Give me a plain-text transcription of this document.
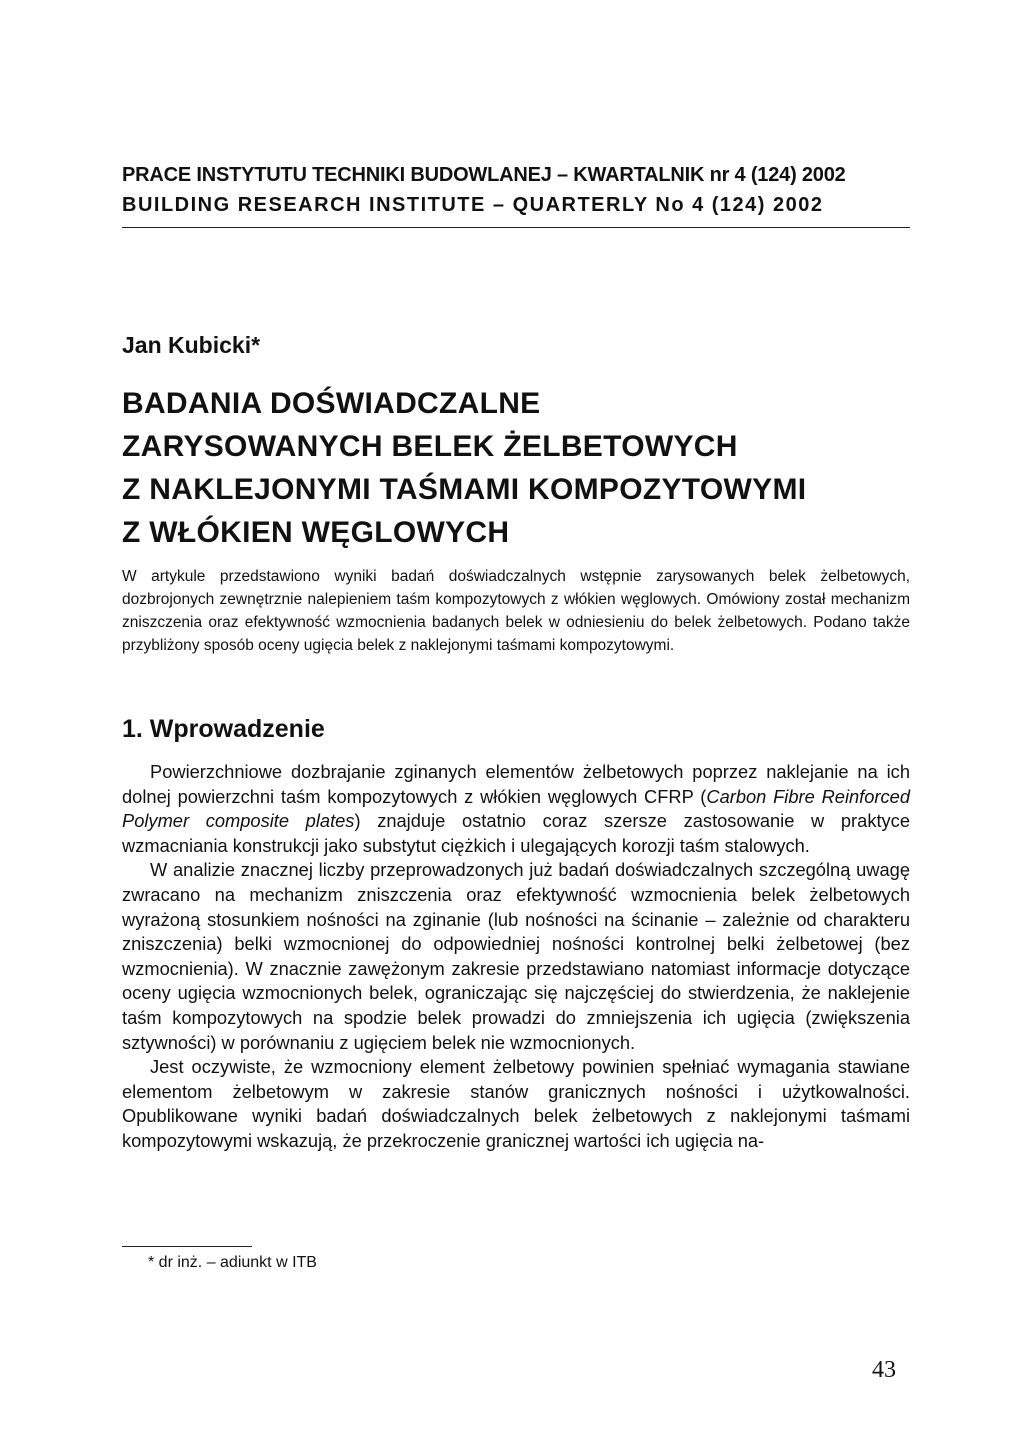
PRACE INSTYTUTU TECHNIKI BUDOWLANEJ – KWARTALNIK nr 4 (124) 2002
BUILDING RESEARCH INSTITUTE – QUARTERLY No 4 (124) 2002
Jan Kubicki*
BADANIA DOŚWIADCZALNE
ZARYSOWANYCH BELEK ŻELBETOWYCH
Z NAKLEJONYMI TAŚMAMI KOMPOZYTOWYMI
Z WŁÓKIEN WĘGLOWYCH

W artykule przedstawiono wyniki badań doświadczalnych wstępnie zarysowanych belek żelbetowych, dozbrojonych zewnętrznie nalepieniem taśm kompozytowych z włókien węglowych. Omówiony został mechanizm zniszczenia oraz efektywność wzmocnienia badanych belek w odniesieniu do belek żelbetowych. Podano także przybliżony sposób oceny ugięcia belek z naklejonymi taśmami kompozytowymi.

1. Wprowadzenie

Powierzchniowe dozbrajanie zginanych elementów żelbetowych poprzez naklejanie na ich dolnej powierzchni taśm kompozytowych z włókien węglowych CFRP (Carbon Fibre Reinforced Polymer composite plates) znajduje ostatnio coraz szersze zastosowanie w praktyce wzmacniania konstrukcji jako substytut ciężkich i ulegających korozji taśm stalowych.

W analizie znacznej liczby przeprowadzonych już badań doświadczalnych szczególną uwagę zwracano na mechanizm zniszczenia oraz efektywność wzmocnienia belek żelbetowych wyrażoną stosunkiem nośności na zginanie (lub nośności na ścinanie – zależnie od charakteru zniszczenia) belki wzmocnionej do odpowiedniej nośności kontrolnej belki żelbetowej (bez wzmocnienia). W znacznie zawężonym zakresie przedstawiano natomiast informacje dotyczące oceny ugięcia wzmocnionych belek, ograniczając się najczęściej do stwierdzenia, że naklejenie taśm kompozytowych na spodzie belek prowadzi do zmniejszenia ich ugięcia (zwiększenia sztywności) w porównaniu z ugięciem belek nie wzmocnionych.

Jest oczywiste, że wzmocniony element żelbetowy powinien spełniać wymagania stawiane elementom żelbetowym w zakresie stanów granicznych nośności i użytkowalności. Opublikowane wyniki badań doświadczalnych belek żelbetowych z naklejonymi taśmami kompozytowymi wskazują, że przekroczenie granicznej wartości ich ugięcia na-

* dr inż. – adiunkt w ITB
43
